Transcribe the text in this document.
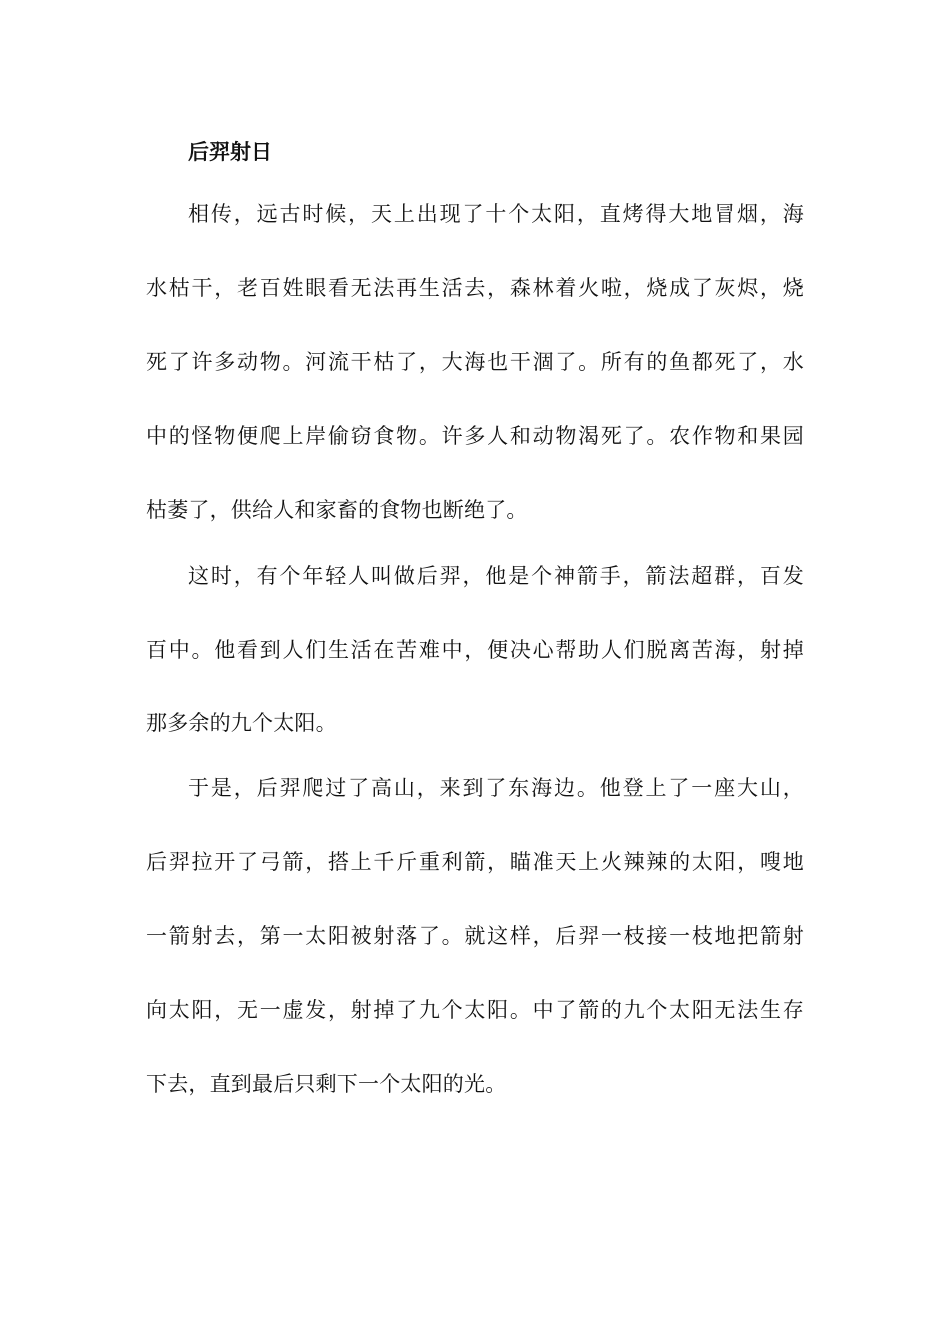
后羿射日
相传，远古时候，天上出现了十个太阳，直烤得大地冒烟，海
水枯干，老百姓眼看无法再生活去，森林着火啦，烧成了灰烬，烧
死了许多动物。河流干枯了，大海也干涸了。所有的鱼都死了，水
中的怪物便爬上岸偷窃食物。许多人和动物渴死了。农作物和果园
枯萎了，供给人和家畜的食物也断绝了。
这时，有个年轻人叫做后羿，他是个神箭手，箭法超群，百发
百中。他看到人们生活在苦难中，便决心帮助人们脱离苦海，射掉
那多余的九个太阳。
于是，后羿爬过了高山，来到了东海边。他登上了一座大山，
后羿拉开了弓箭，搭上千斤重利箭，瞄准天上火辣辣的太阳，嗖地
一箭射去，第一太阳被射落了。就这样，后羿一枝接一枝地把箭射
向太阳，无一虚发，射掉了九个太阳。中了箭的九个太阳无法生存
下去，直到最后只剩下一个太阳的光。
